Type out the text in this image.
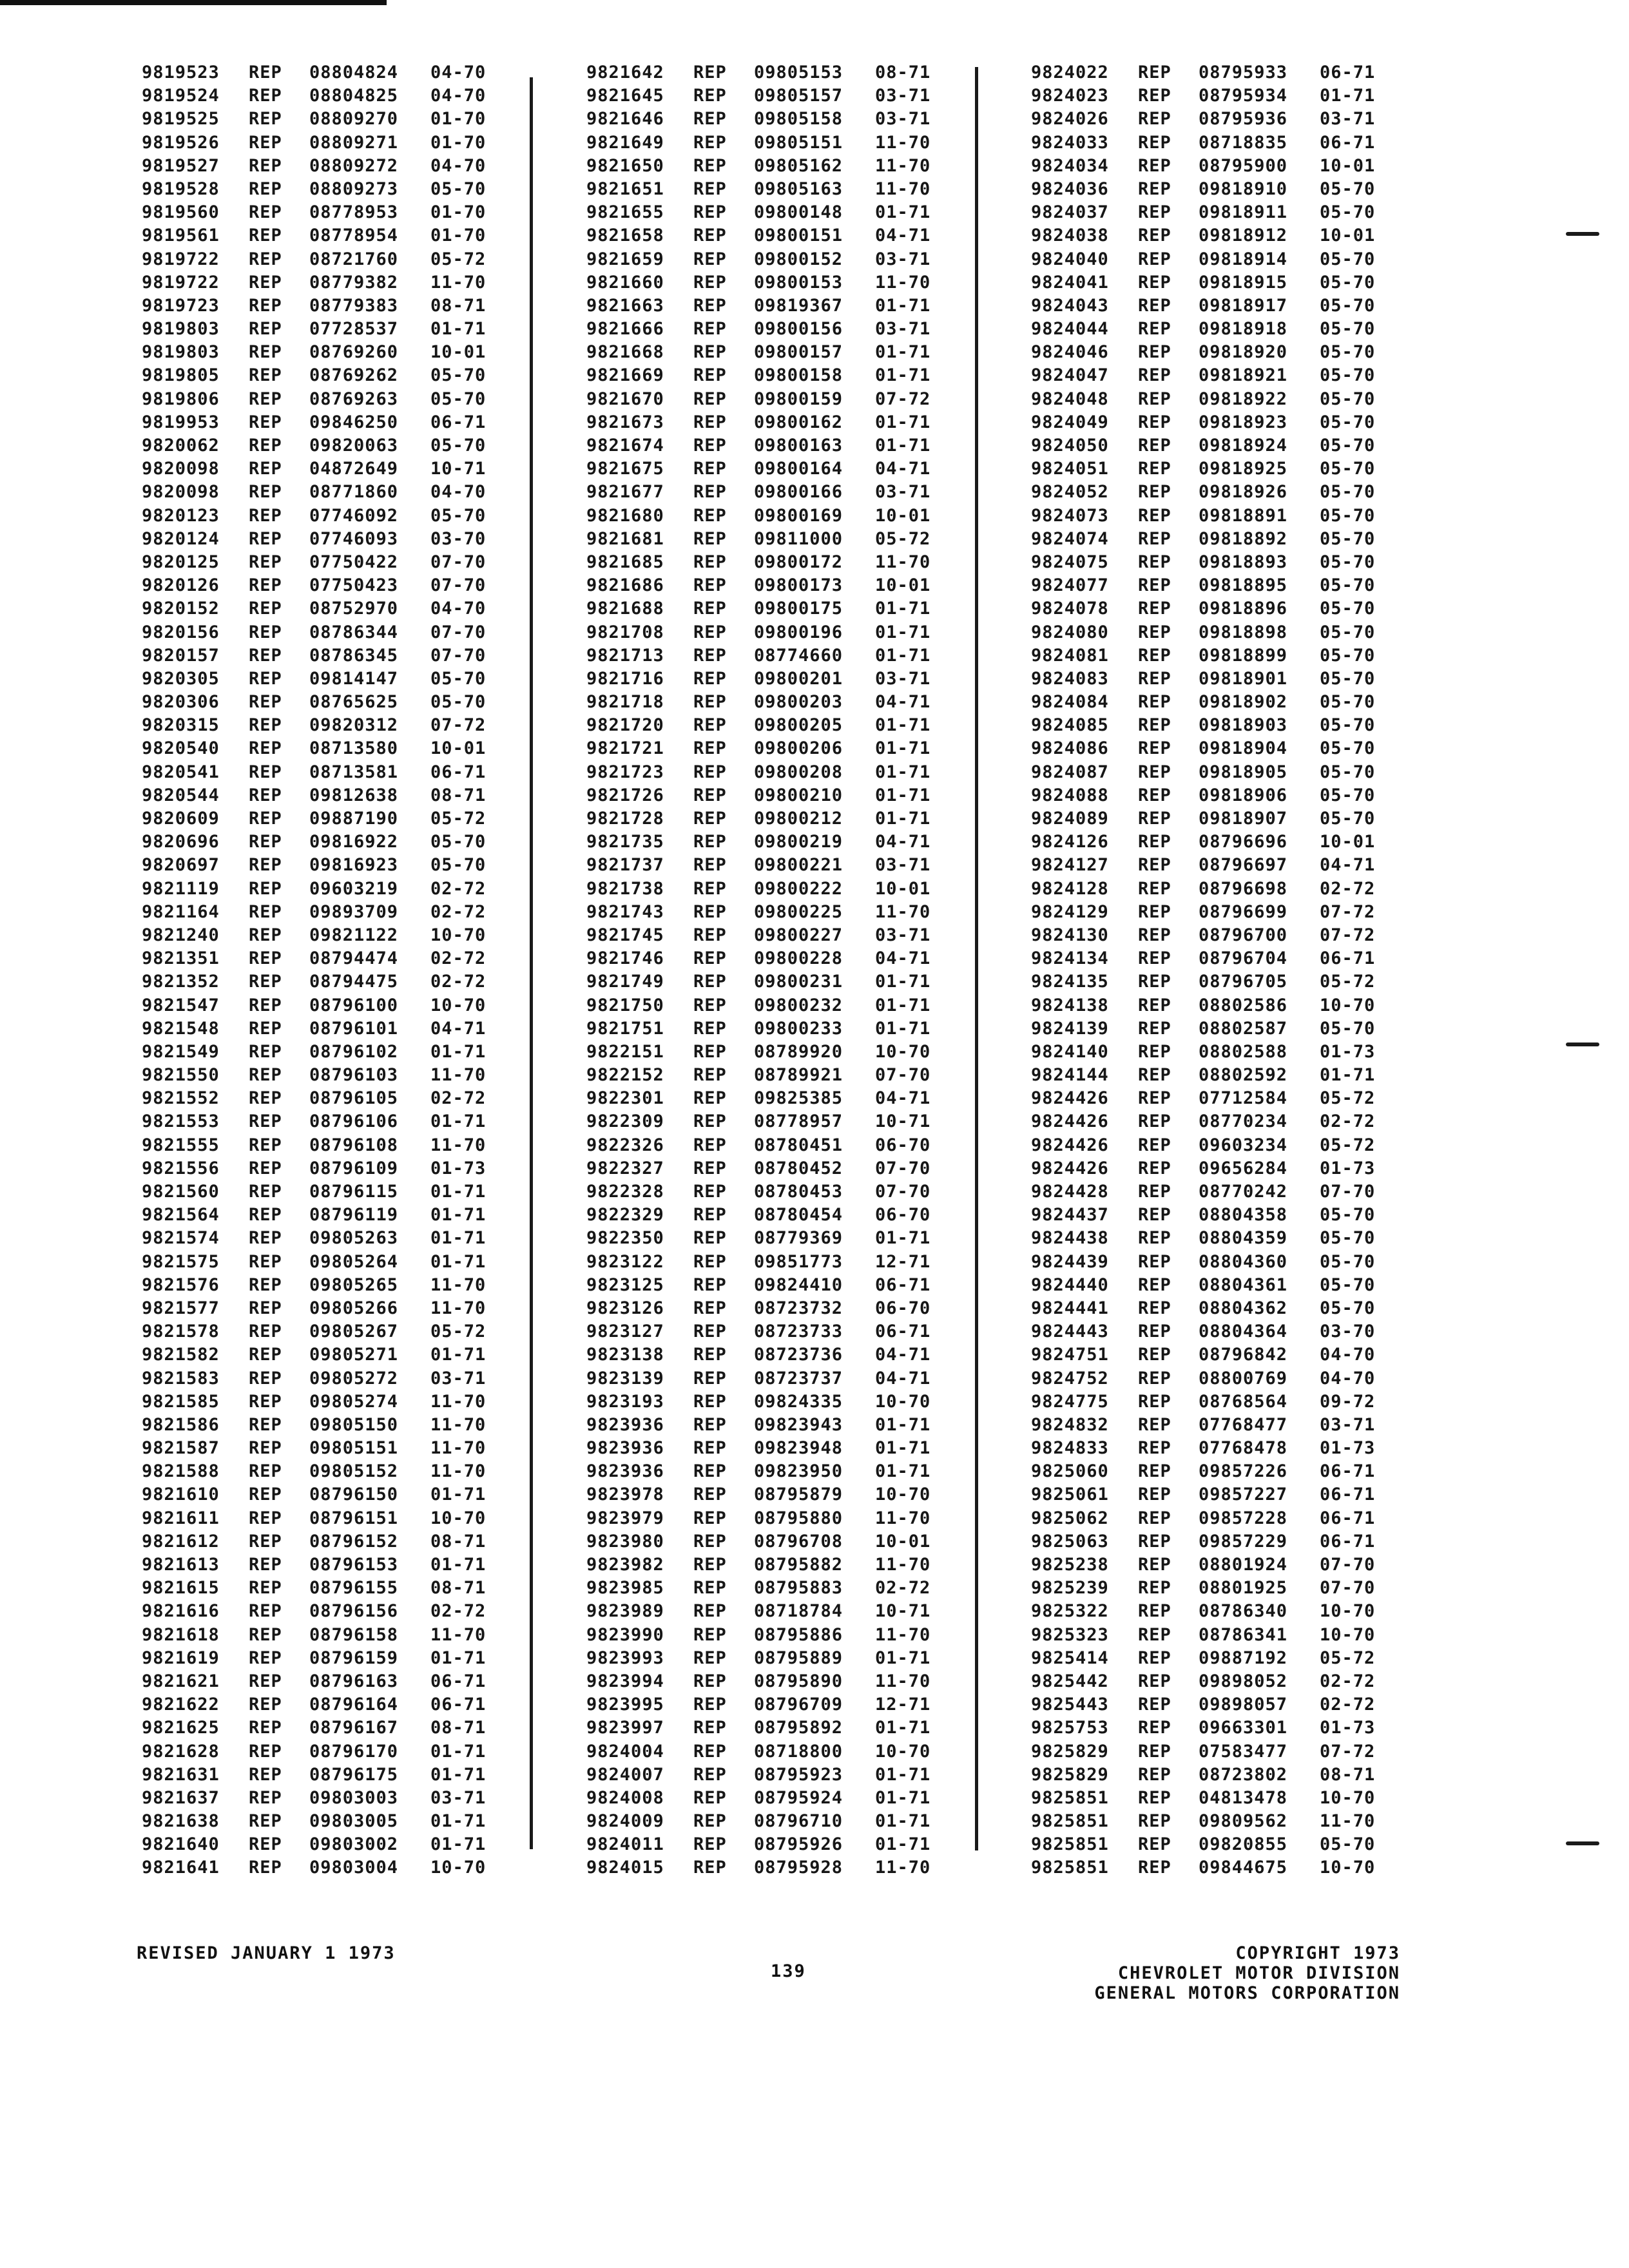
9819523 REP 08804824 04-70
9819524 REP 08804825 04-70
9819525 REP 08809270 01-70
9819526 REP 08809271 01-70
9819527 REP 08809272 04-70
9819528 REP 08809273 05-70
9819560 REP 08778953 01-70
9819561 REP 08778954 01-70
9819722 REP 08721760 05-72
9819722 REP 08779382 11-70
9819723 REP 08779383 08-71
9819803 REP 07728537 01-71
9819803 REP 08769260 10-01
9819805 REP 08769262 05-70
9819806 REP 08769263 05-70
9819953 REP 09846250 06-71
9820062 REP 09820063 05-70
9820098 REP 04872649 10-71
9820098 REP 08771860 04-70
9820123 REP 07746092 05-70
9820124 REP 07746093 03-70
9820125 REP 07750422 07-70
9820126 REP 07750423 07-70
9820152 REP 08752970 04-70
9820156 REP 08786344 07-70
9820157 REP 08786345 07-70
9820305 REP 09814147 05-70
9820306 REP 08765625 05-70
9820315 REP 09820312 07-72
9820540 REP 08713580 10-01
9820541 REP 08713581 06-71
9820544 REP 09812638 08-71
9820609 REP 09887190 05-72
9820696 REP 09816922 05-70
9820697 REP 09816923 05-70
9821119 REP 09603219 02-72
9821164 REP 09893709 02-72
9821240 REP 09821122 10-70
9821351 REP 08794474 02-72
9821352 REP 08794475 02-72
9821547 REP 08796100 10-70
9821548 REP 08796101 04-71
9821549 REP 08796102 01-71
9821550 REP 08796103 11-70
9821552 REP 08796105 02-72
9821553 REP 08796106 01-71
9821555 REP 08796108 11-70
9821556 REP 08796109 01-73
9821560 REP 08796115 01-71
9821564 REP 08796119 01-71
9821574 REP 09805263 01-71
9821575 REP 09805264 01-71
9821576 REP 09805265 11-70
9821577 REP 09805266 11-70
9821578 REP 09805267 05-72
9821582 REP 09805271 01-71
9821583 REP 09805272 03-71
9821585 REP 09805274 11-70
9821586 REP 09805150 11-70
9821587 REP 09805151 11-70
9821588 REP 09805152 11-70
9821610 REP 08796150 01-71
9821611 REP 08796151 10-70
9821612 REP 08796152 08-71
9821613 REP 08796153 01-71
9821615 REP 08796155 08-71
9821616 REP 08796156 02-72
9821618 REP 08796158 11-70
9821619 REP 08796159 01-71
9821621 REP 08796163 06-71
9821622 REP 08796164 06-71
9821625 REP 08796167 08-71
9821628 REP 08796170 01-71
9821631 REP 08796175 01-71
9821637 REP 09803003 03-71
9821638 REP 09803005 01-71
9821640 REP 09803002 01-71
9821641 REP 09803004 10-70
9821642 REP 09805153 08-71
9821645 REP 09805157 03-71
9821646 REP 09805158 03-71
9821649 REP 09805151 11-70
9821650 REP 09805162 11-70
9821651 REP 09805163 11-70
9821655 REP 09800148 01-71
9821658 REP 09800151 04-71
9821659 REP 09800152 03-71
9821660 REP 09800153 11-70
9821663 REP 09819367 01-71
9821666 REP 09800156 03-71
9821668 REP 09800157 01-71
9821669 REP 09800158 01-71
9821670 REP 09800159 07-72
9821673 REP 09800162 01-71
9821674 REP 09800163 01-71
9821675 REP 09800164 04-71
9821677 REP 09800166 03-71
9821680 REP 09800169 10-01
9821681 REP 09811000 05-72
9821685 REP 09800172 11-70
9821686 REP 09800173 10-01
9821688 REP 09800175 01-71
9821708 REP 09800196 01-71
9821713 REP 08774660 01-71
9821716 REP 09800201 03-71
9821718 REP 09800203 04-71
9821720 REP 09800205 01-71
9821721 REP 09800206 01-71
9821723 REP 09800208 01-71
9821726 REP 09800210 01-71
9821728 REP 09800212 01-71
9821735 REP 09800219 04-71
9821737 REP 09800221 03-71
9821738 REP 09800222 10-01
9821743 REP 09800225 11-70
9821745 REP 09800227 03-71
9821746 REP 09800228 04-71
9821749 REP 09800231 01-71
9821750 REP 09800232 01-71
9821751 REP 09800233 01-71
9822151 REP 08789920 10-70
9822152 REP 08789921 07-70
9822301 REP 09825385 04-71
9822309 REP 08778957 10-71
9822326 REP 08780451 06-70
9822327 REP 08780452 07-70
9822328 REP 08780453 07-70
9822329 REP 08780454 06-70
9822350 REP 08779369 01-71
9823122 REP 09851773 12-71
9823125 REP 09824410 06-71
9823126 REP 08723732 06-70
9823127 REP 08723733 06-71
9823138 REP 08723736 04-71
9823139 REP 08723737 04-71
9823193 REP 09824335 10-70
9823936 REP 09823943 01-71
9823936 REP 09823948 01-71
9823936 REP 09823950 01-71
9823978 REP 08795879 10-70
9823979 REP 08795880 11-70
9823980 REP 08796708 10-01
9823982 REP 08795882 11-70
9823985 REP 08795883 02-72
9823989 REP 08718784 10-71
9823990 REP 08795886 11-70
9823993 REP 08795889 01-71
9823994 REP 08795890 11-70
9823995 REP 08796709 12-71
9823997 REP 08795892 01-71
9824004 REP 08718800 10-70
9824007 REP 08795923 01-71
9824008 REP 08795924 01-71
9824009 REP 08796710 01-71
9824011 REP 08795926 01-71
9824015 REP 08795928 11-70
9824022 REP 08795933 06-71
9824023 REP 08795934 01-71
9824026 REP 08795936 03-71
9824033 REP 08718835 06-71
9824034 REP 08795900 10-01
9824036 REP 09818910 05-70
9824037 REP 09818911 05-70
9824038 REP 09818912 10-01
9824040 REP 09818914 05-70
9824041 REP 09818915 05-70
9824043 REP 09818917 05-70
9824044 REP 09818918 05-70
9824046 REP 09818920 05-70
9824047 REP 09818921 05-70
9824048 REP 09818922 05-70
9824049 REP 09818923 05-70
9824050 REP 09818924 05-70
9824051 REP 09818925 05-70
9824052 REP 09818926 05-70
9824073 REP 09818891 05-70
9824074 REP 09818892 05-70
9824075 REP 09818893 05-70
9824077 REP 09818895 05-70
9824078 REP 09818896 05-70
9824080 REP 09818898 05-70
9824081 REP 09818899 05-70
9824083 REP 09818901 05-70
9824084 REP 09818902 05-70
9824085 REP 09818903 05-70
9824086 REP 09818904 05-70
9824087 REP 09818905 05-70
9824088 REP 09818906 05-70
9824089 REP 09818907 05-70
9824126 REP 08796696 10-01
9824127 REP 08796697 04-71
9824128 REP 08796698 02-72
9824129 REP 08796699 07-72
9824130 REP 08796700 07-72
9824134 REP 08796704 06-71
9824135 REP 08796705 05-72
9824138 REP 08802586 10-70
9824139 REP 08802587 05-70
9824140 REP 08802588 01-73
9824144 REP 08802592 01-71
9824426 REP 07712584 05-72
9824426 REP 08770234 02-72
9824426 REP 09603234 05-72
9824426 REP 09656284 01-73
9824428 REP 08770242 07-70
9824437 REP 08804358 05-70
9824438 REP 08804359 05-70
9824439 REP 08804360 05-70
9824440 REP 08804361 05-70
9824441 REP 08804362 05-70
9824443 REP 08804364 03-70
9824751 REP 08796842 04-70
9824752 REP 08800769 04-70
9824775 REP 08768564 09-72
9824832 REP 07768477 03-71
9824833 REP 07768478 01-73
9825060 REP 09857226 06-71
9825061 REP 09857227 06-71
9825062 REP 09857228 06-71
9825063 REP 09857229 06-71
9825238 REP 08801924 07-70
9825239 REP 08801925 07-70
9825322 REP 08786340 10-70
9825323 REP 08786341 10-70
9825414 REP 09887192 05-72
9825442 REP 09898052 02-72
9825443 REP 09898057 02-72
9825753 REP 09663301 01-73
9825829 REP 07583477 07-72
9825829 REP 08723802 08-71
9825851 REP 04813478 10-70
9825851 REP 09809562 11-70
9825851 REP 09820855 05-70
9825851 REP 09844675 10-70
REVISED JANUARY 1 1973
139
COPYRIGHT 1973
CHEVROLET MOTOR DIVISION
GENERAL MOTORS CORPORATION
